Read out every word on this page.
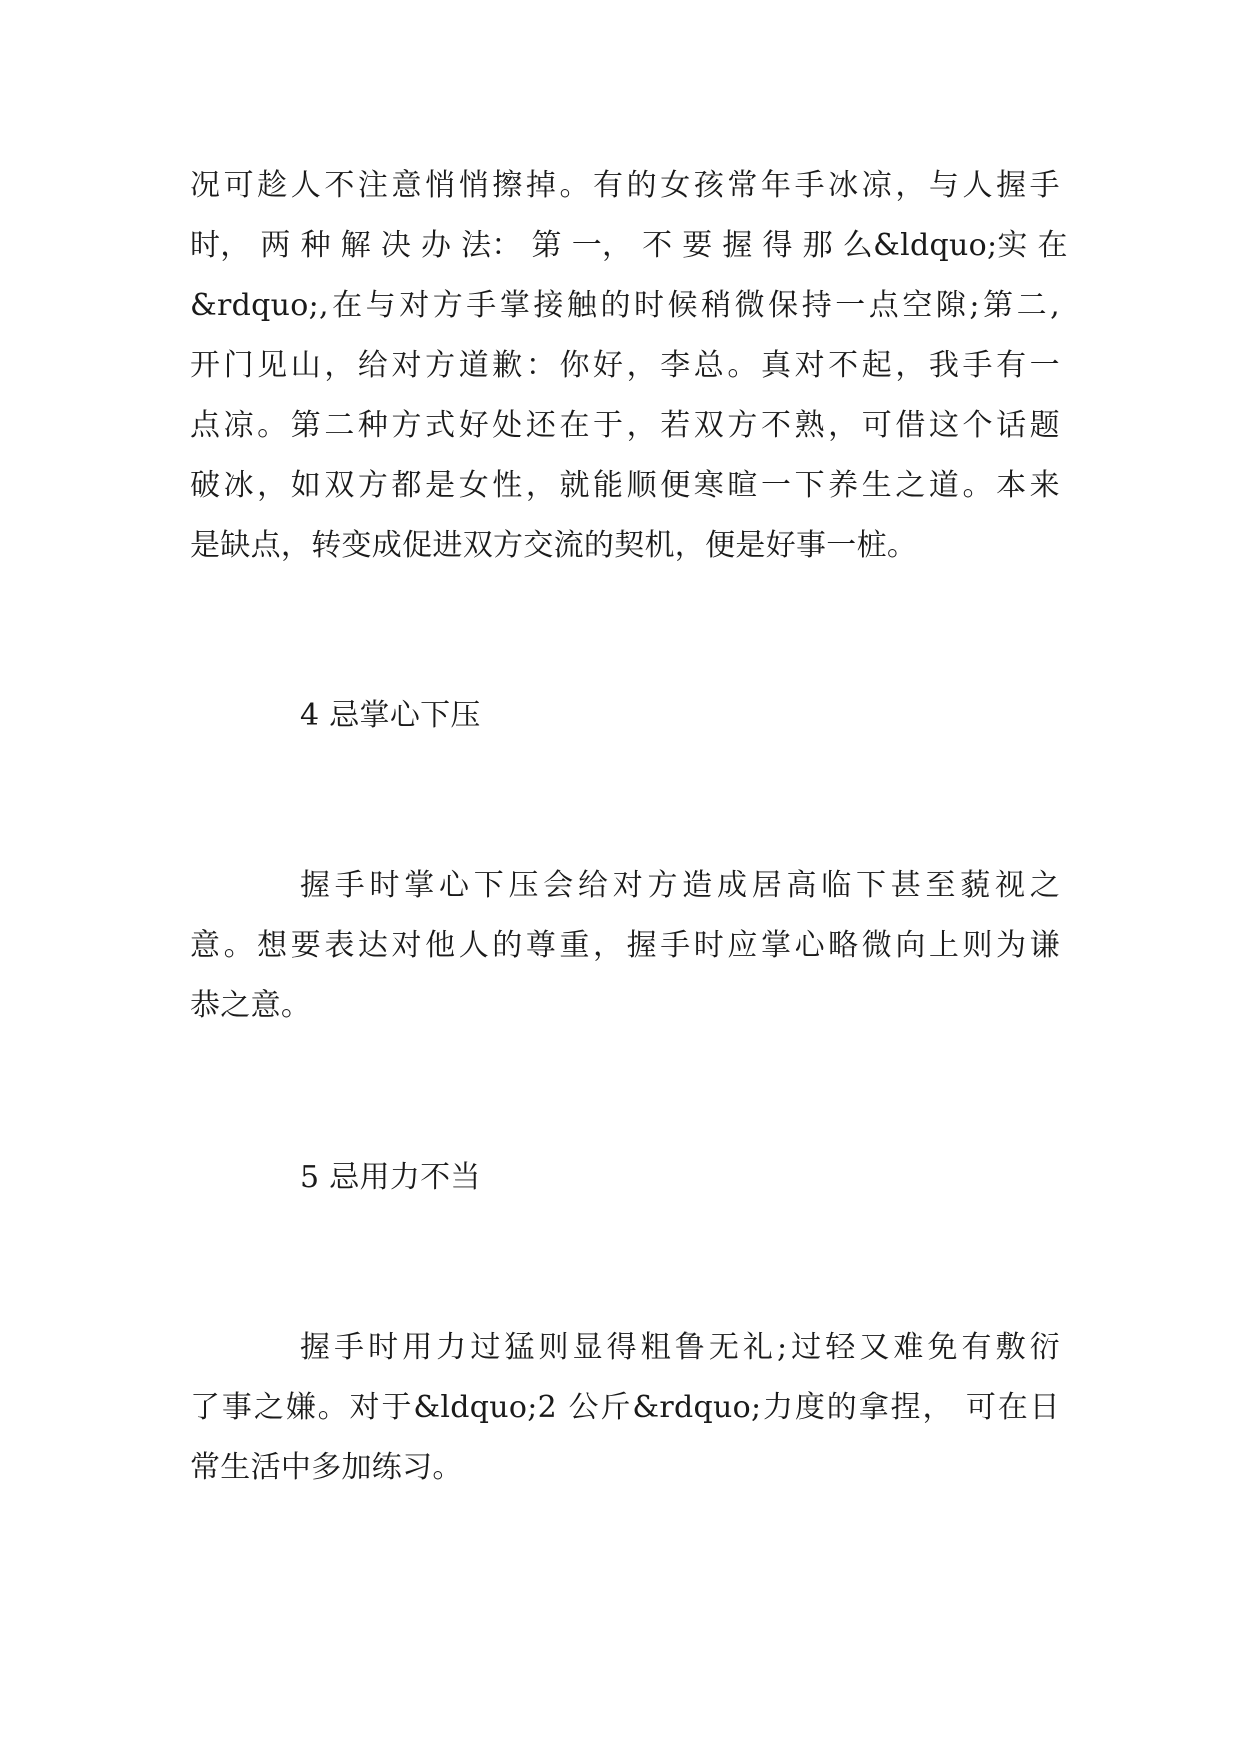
况可趁人不注意悄悄擦掉。有的女孩常年手冰凉，与人握手
时， 两 种 解 决 办 法： 第 一， 不 要 握 得 那 么&ldquo;实 在
&rdquo;,在与对方手掌接触的时候稍微保持一点空隙;第二,
开门见山，给对方道歉：你好，李总。真对不起，我手有一
点凉。第二种方式好处还在于，若双方不熟，可借这个话题
破冰，如双方都是女性，就能顺便寒暄一下养生之道。本来
是缺点，转变成促进双方交流的契机，便是好事一桩。
4 忌掌心下压
握手时掌心下压会给对方造成居高临下甚至藐视之
意。想要表达对他人的尊重，握手时应掌心略微向上则为谦
恭之意。
5 忌用力不当
握手时用力过猛则显得粗鲁无礼;过轻又难免有敷衍
了事之嫌。对于&ldquo;2 公斤&rdquo;力度的拿捏， 可在日
常生活中多加练习。
